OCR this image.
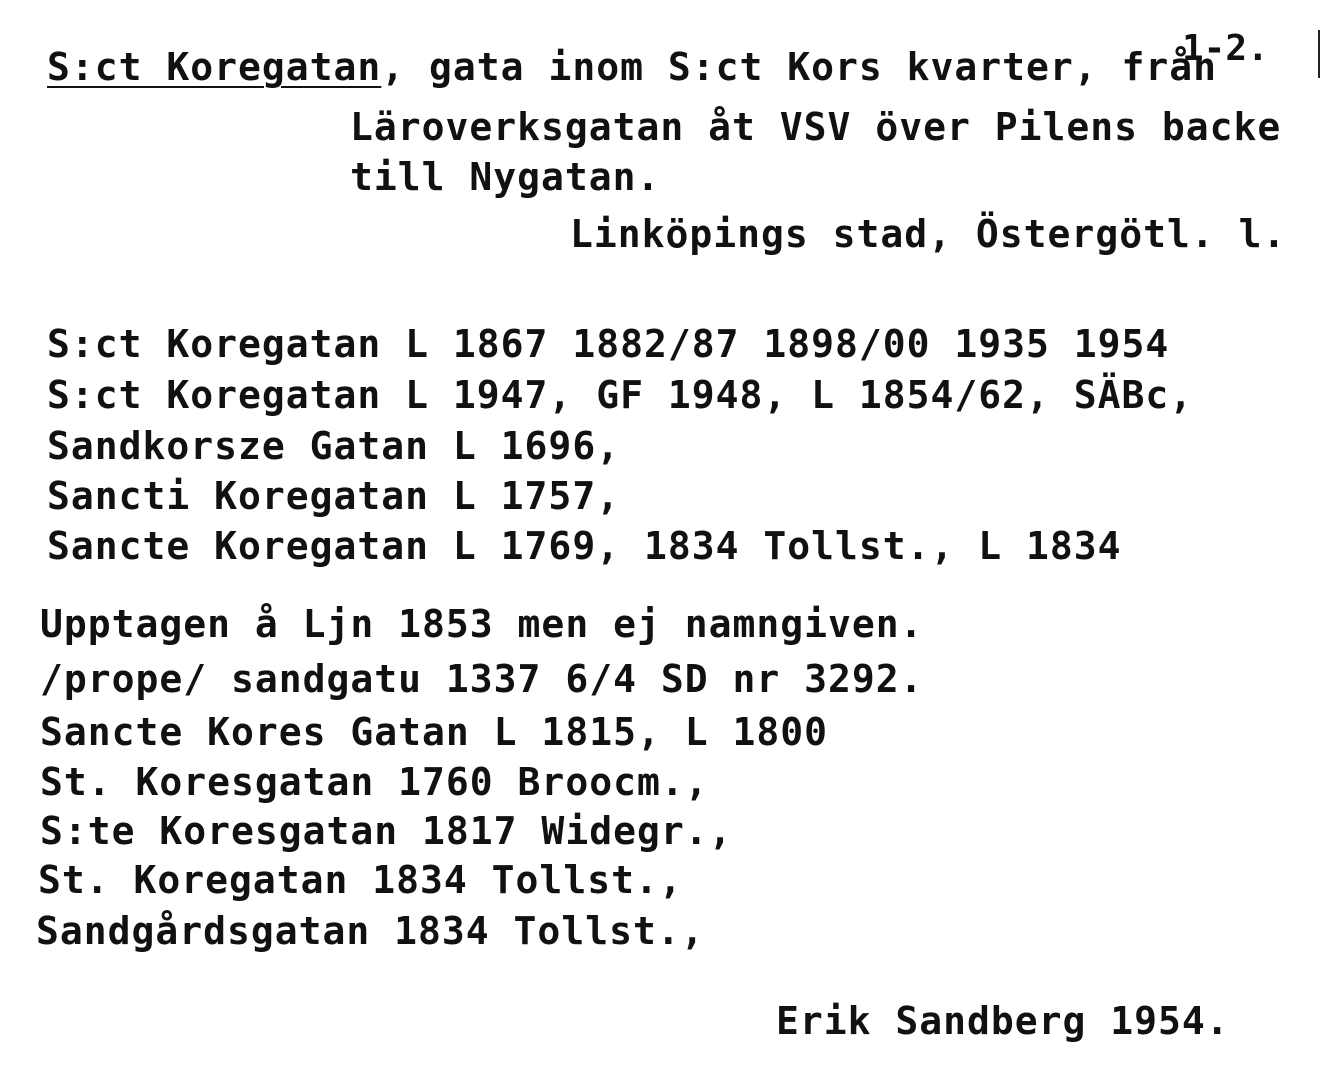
1-2.
S:ct Koregatan, gata inom S:ct Kors kvarter, från
Läroverksgatan åt VSV över Pilens backe
till Nygatan.
Linköpings stad, Östergötl. l.
S:ct Koregatan L 1867 1882/87 1898/00 1935 1954
S:ct Koregatan L 1947, GF 1948, L 1854/62, SÄBc,
Sandkorsze Gatan L 1696,
Sancti Koregatan L 1757,
Sancte Koregatan L 1769, 1834 Tollst., L 1834
Upptagen å Ljn 1853 men ej namngiven.
/prope/ sandgatu 1337 6/4 SD nr 3292.
Sancte Kores Gatan L 1815, L 1800
St. Koresgatan 1760 Broocm.,
S:te Koresgatan 1817 Widegr.,
St. Koregatan 1834 Tollst.,
Sandgårdsgatan 1834 Tollst.,
Erik Sandberg 1954.
